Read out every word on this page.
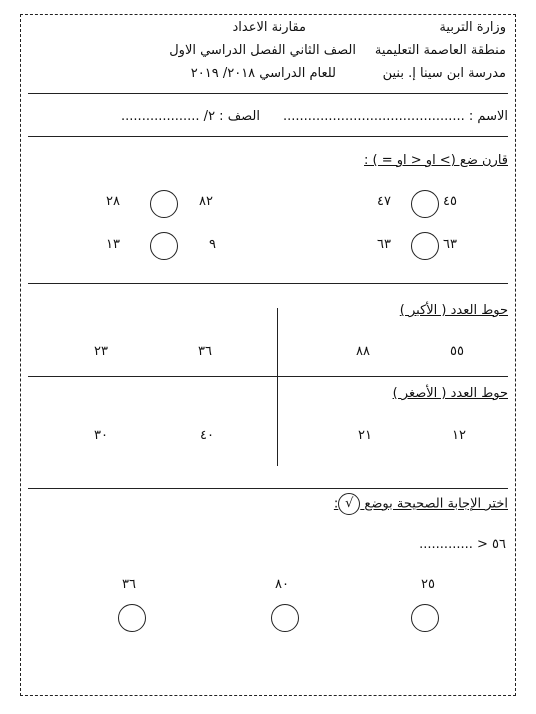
وزارة التربية
منطقة العاصمة التعليمية
مدرسة ابن سينا إ. بنين
مقارنة الاعداد
الصف الثاني الفصل الدراسي الاول
للعام الدراسي ٢٠١٨/ ٢٠١٩
الاسم : ............................................
الصف : ٢/ ...................
قارن ضع (> او < او = ) :
٤٥
٤٧
٨٢
٢٨
٦٣
٦٣
٩
١٣
حوط العدد ( الأكبر )
٥٥
٨٨
٣٦
٢٣
حوط العدد ( الأصغر )
١٢
٢١
٤٠
٣٠
اختر الإجابة الصحيحة بوضع √:
٥٦ < .............
٢٥
٨٠
٣٦
